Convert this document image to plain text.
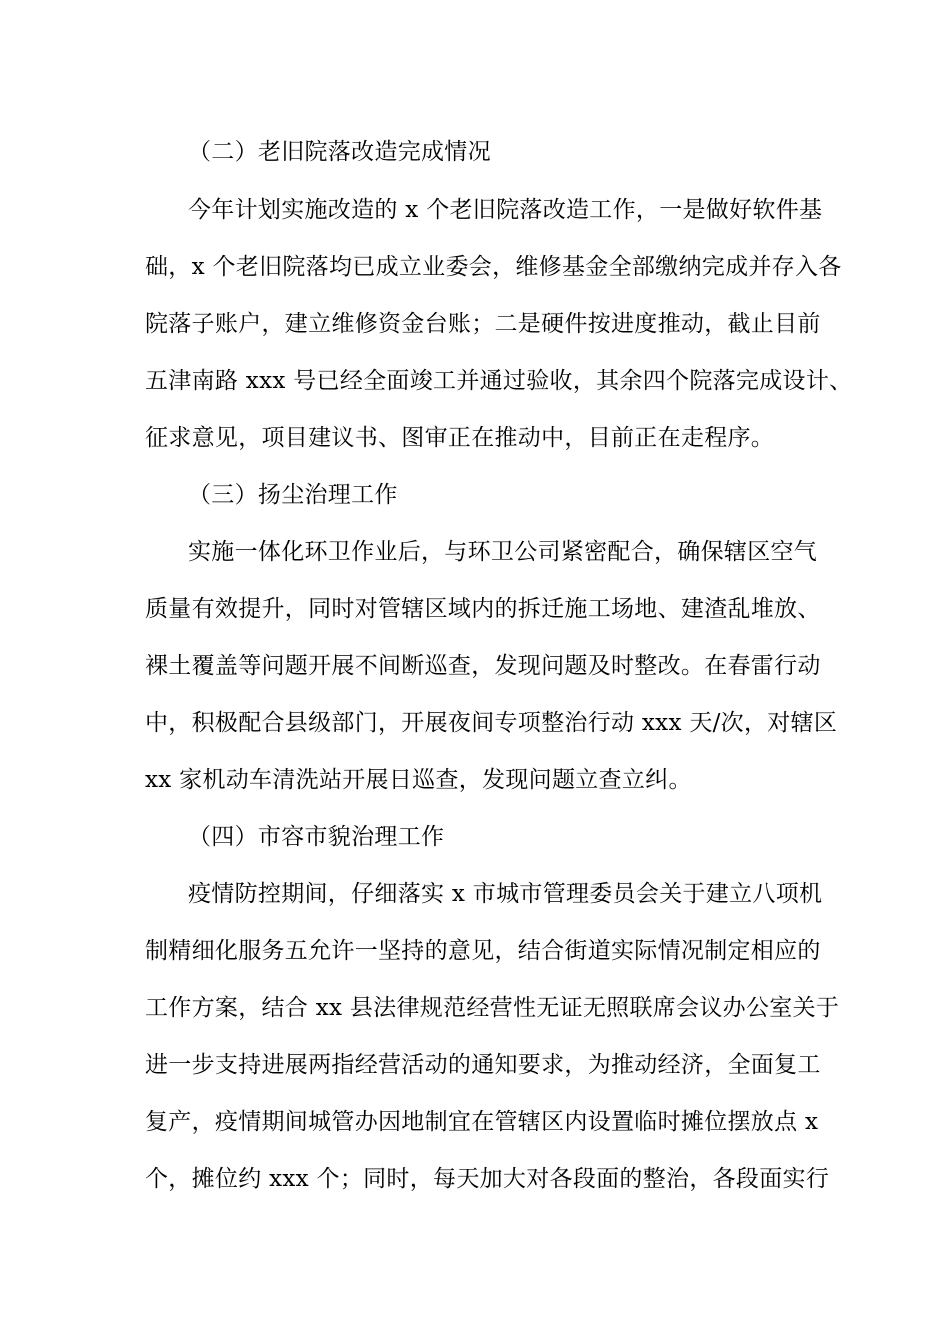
（二）老旧院落改造完成情况
今年计划实施改造的 x 个老旧院落改造工作，一是做好软件基
础，x 个老旧院落均已成立业委会，维修基金全部缴纳完成并存入各
院落子账户，建立维修资金台账；二是硬件按进度推动，截止目前
五津南路 xxx 号已经全面竣工并通过验收，其余四个院落完成设计、
征求意见，项目建议书、图审正在推动中，目前正在走程序。
（三）扬尘治理工作
实施一体化环卫作业后，与环卫公司紧密配合，确保辖区空气
质量有效提升，同时对管辖区域内的拆迁施工场地、建渣乱堆放、
裸土覆盖等问题开展不间断巡查，发现问题及时整改。在春雷行动
中，积极配合县级部门，开展夜间专项整治行动 xxx 天/次，对辖区
xx 家机动车清洗站开展日巡查，发现问题立查立纠。
（四）市容市貌治理工作
疫情防控期间，仔细落实 x 市城市管理委员会关于建立八项机
制精细化服务五允许一坚持的意见，结合街道实际情况制定相应的
工作方案，结合 xx 县法律规范经营性无证无照联席会议办公室关于
进一步支持进展两指经营活动的通知要求，为推动经济，全面复工
复产，疫情期间城管办因地制宜在管辖区内设置临时摊位摆放点 x
个，摊位约 xxx 个；同时，每天加大对各段面的整治，各段面实行
